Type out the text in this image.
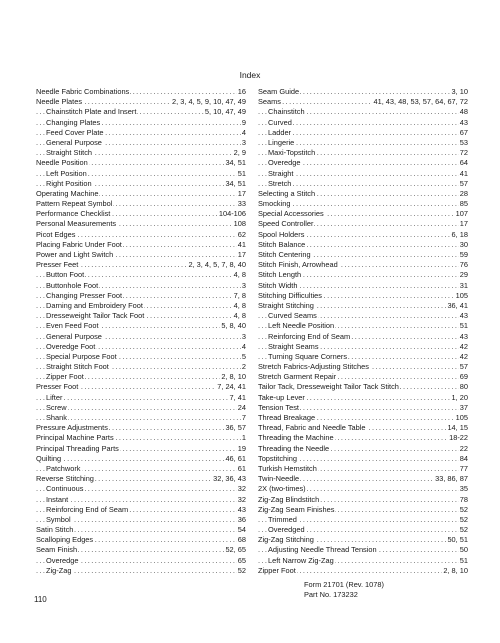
Index
.....
Needle Fabric Combinations	16
.....
Needle Plates	2, 3, 4, 5, 9, 10, 47, 49
.....
Chainstitch Plate and Insert	5, 10, 47, 49
.....
Changing Plates	9
.....
Feed Cover Plate	4
.....
General Purpose	3
.....
Straight Stitch	2, 9
.....
Needle Position	34, 51
.....
Left Position	51
.....
Right Position	34, 51
.....
Operating Machine	17
.....
Pattern Repeat Symbol	33
.....
Performance Checklist	104-106
.....
Personal Measurements	108
.....
Picot Edges	62
.....
Placing Fabric Under Foot	41
.....
Power and Light Switch	17
.....
Presser Feet	2, 3, 4, 5, 7, 8, 40
.....
Button Foot	4, 8
.....
Buttonhole Foot	3
.....
Changing Presser Foot	7, 8
.....
Darning and Embroidery Foot	4, 8
.....
Dresseweight Tailor Tack Foot	4, 8
.....
Even Feed Foot	5, 8, 40
.....
General Purpose	3
.....
Overedge Foot	4
.....
Special Purpose Foot	5
.....
Straight Stitch Foot	2
.....
Zipper Foot	2, 8, 10
.....
Presser Foot	7, 24, 41
.....
Lifter	7, 41
.....
Screw	24
.....
Shank	7
.....
Pressure Adjustments	36, 57
.....
Principal Machine Parts	1
.....
Principal Threading Parts	19
.....
Quilting	46, 61
.....
Patchwork	61
.....
Reverse Stitching	32, 36, 43
.....
Continuous	32
.....
Instant	32
.....
Reinforcing End of Seam	43
.....
Symbol	36
.....
Satin Stitch	54
.....
Scalloping Edges	68
.....
Seam Finish	52, 65
.....
Overedge	65
.....
Zig-Zag	52
.....
Seam Guide	3, 10
.....
Seams	41, 43, 48, 53, 57, 64, 67, 72
.....
Chainstitch	48
.....
Curved	43
.....
Ladder	67
.....
Lingerie	53
.....
Maxi-Topstitch	72
.....
Overedge	64
.....
Straight	41
.....
Stretch	57
.....
Selecting a Stitch	28
.....
Smocking	85
.....
Special Accessories	107
.....
Speed Controller	17
.....
Spool Holders	6, 18
.....
Stitch Balance	30
.....
Stitch Centering	59
.....
Stitch Finish, Arrowhead	76
.....
Stitch Length	29
.....
Stitch Width	31
.....
Stitching Difficulties	105
.....
Straight Stitching	36, 41
.....
Curved Seams	43
.....
Left Needle Position	51
.....
Reinforcing End of Seam	43
.....
Straight Seams	42
.....
Turning Square Corners	42
.....
Stretch Fabrics-Adjusting Stitches	57
.....
Stretch Garment Repair	69
.....
Tailor Tack, Dresseweight Tailor Tack Stitch	80
.....
Take-up Lever	1, 20
.....
Tension Test	37
.....
Thread Breakage	105
.....
Thread, Fabric and Needle Table	14, 15
.....
Threading the Machine	18-22
.....
Threading the Needle	22
.....
Topstitching	84
.....
Turkish Hemstitch	77
.....
Twin-Needle	33, 86, 87
.....
2X (two-times)	35
.....
Zig-Zag Blindstitch	78
.....
Zig-Zag Seam Finishes	52
.....
Trimmed	52
.....
Overedged	52
.....
Zig-Zag Stitching	50, 51
.....
Adjusting Needle Thread Tension	50
.....
Left Narrow Zig-Zag	51
.....
Zipper Foot	2, 8, 10
Form 21701 (Rev. 1078)
Part No. 173232
110
